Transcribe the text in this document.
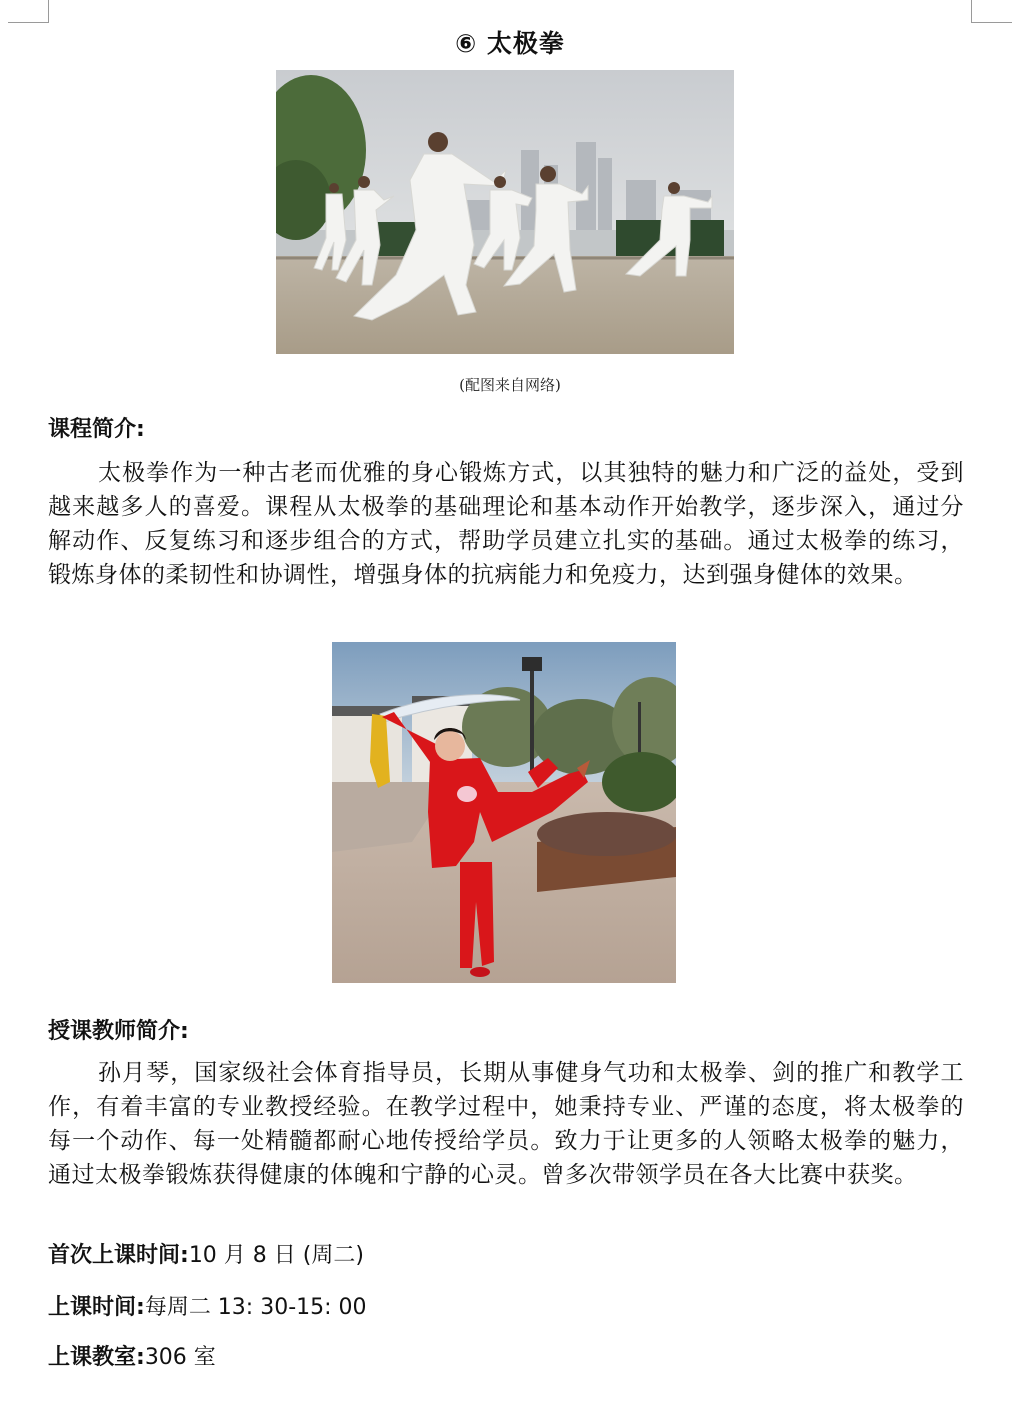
⑥ 太极拳
(配图来自网络)
课程简介:
太极拳作为一种古老而优雅的身心锻炼方式，以其独特的魅力和广泛的益处，受到越来越多人的喜爱。课程从太极拳的基础理论和基本动作开始教学，逐步深入，通过分解动作、反复练习和逐步组合的方式，帮助学员建立扎实的基础。通过太极拳的练习，锻炼身体的柔韧性和协调性，增强身体的抗病能力和免疫力，达到强身健体的效果。
授课教师简介:
孙月琴，国家级社会体育指导员，长期从事健身气功和太极拳、剑的推广和教学工作，有着丰富的专业教授经验。在教学过程中，她秉持专业、严谨的态度，将太极拳的每一个动作、每一处精髓都耐心地传授给学员。致力于让更多的人领略太极拳的魅力，通过太极拳锻炼获得健康的体魄和宁静的心灵。曾多次带领学员在各大比赛中获奖。
首次上课时间:10 月 8 日 (周二)
上课时间:每周二 13: 30-15: 00
上课教室:306 室
